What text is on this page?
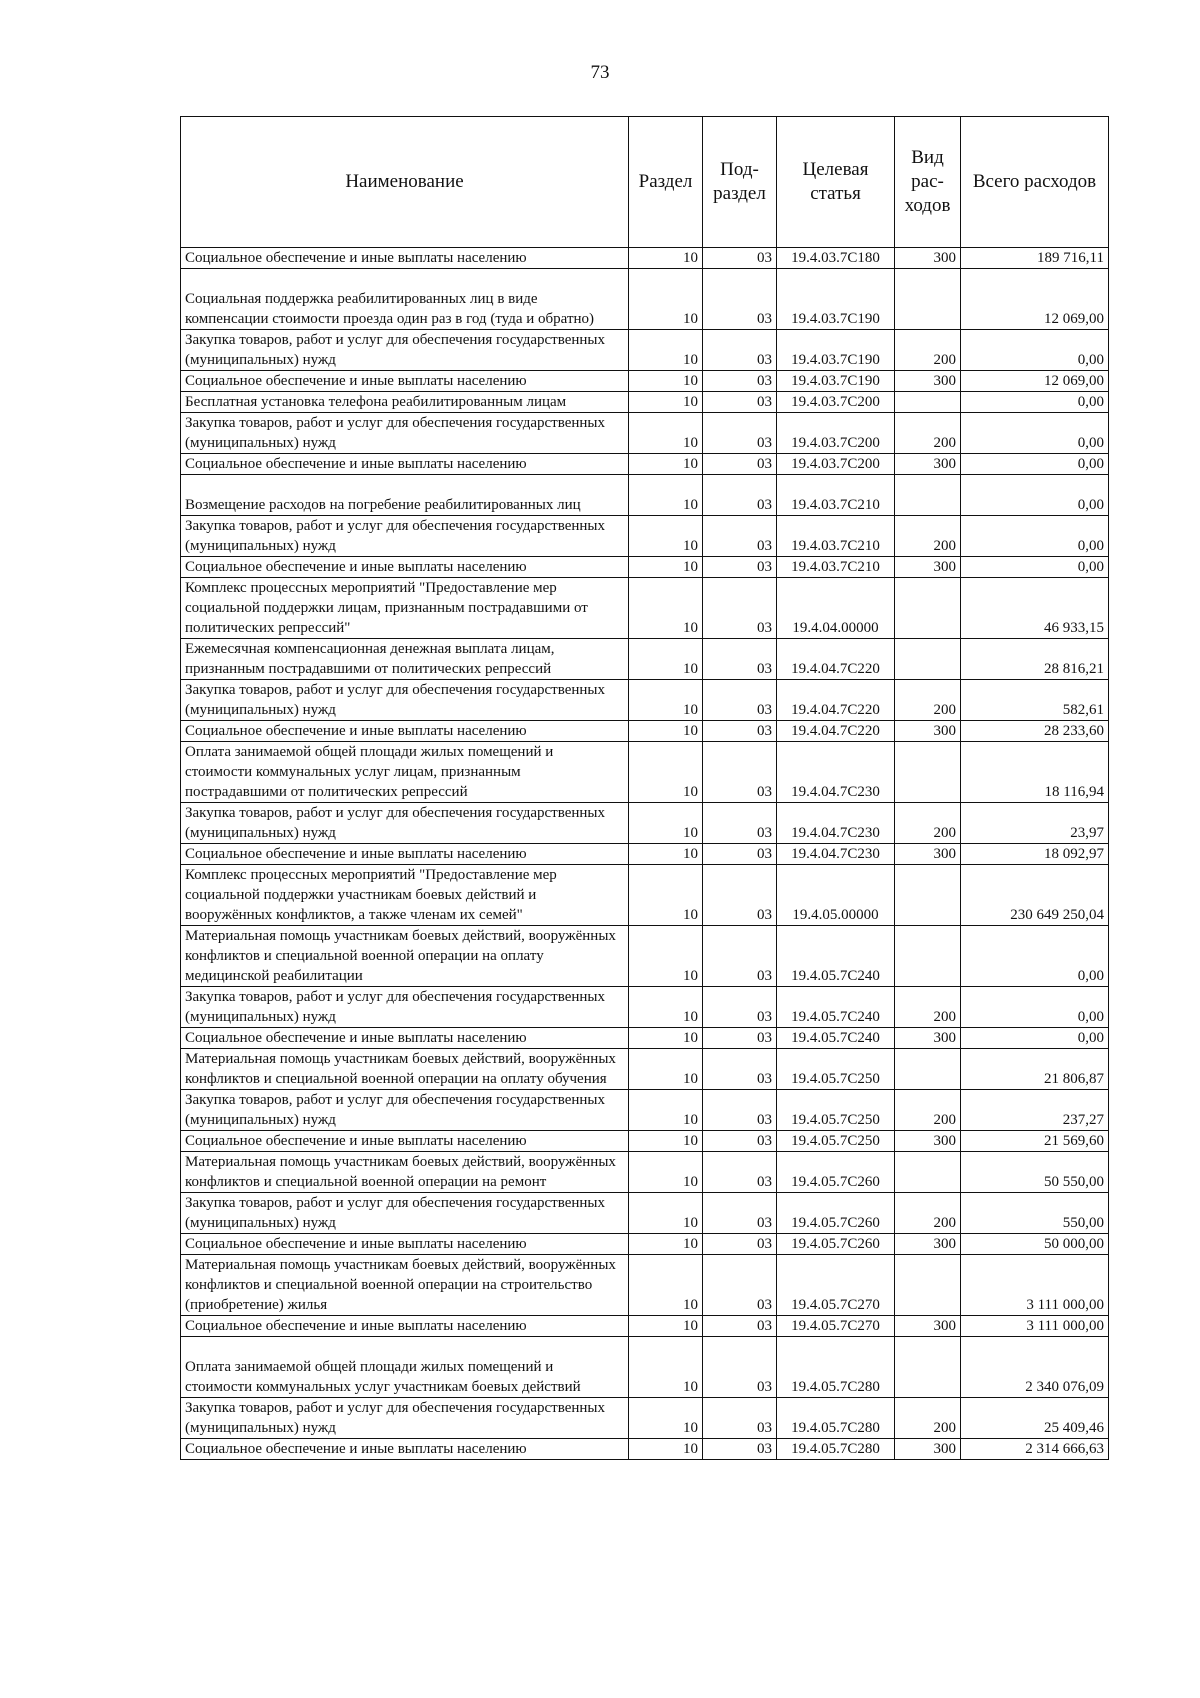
73
Наименование	Раздел	Под-раздел	Целевая статья	Вид рас-ходов	Всего расходов
Социальное обеспечение и иные выплаты населению	10	03	19.4.03.7С180	300	189 716,11
Социальная поддержка реабилитированных лиц в виде компенсации стоимости проезда один раз в год (туда и обратно)	10	03	19.4.03.7С190		12 069,00
Закупка товаров, работ и услуг для обеспечения государственных (муниципальных) нужд	10	03	19.4.03.7С190	200	0,00
Социальное обеспечение и иные выплаты населению	10	03	19.4.03.7С190	300	12 069,00
Бесплатная установка телефона реабилитированным лицам	10	03	19.4.03.7С200		0,00
Закупка товаров, работ и услуг для обеспечения государственных (муниципальных) нужд	10	03	19.4.03.7С200	200	0,00
Социальное обеспечение и иные выплаты населению	10	03	19.4.03.7С200	300	0,00
Возмещение расходов на погребение реабилитированных лиц	10	03	19.4.03.7С210		0,00
Закупка товаров, работ и услуг для обеспечения государственных (муниципальных) нужд	10	03	19.4.03.7С210	200	0,00
Социальное обеспечение и иные выплаты населению	10	03	19.4.03.7С210	300	0,00
Комплекс процессных мероприятий "Предоставление мер социальной поддержки лицам, признанным пострадавшими от политических репрессий"	10	03	19.4.04.00000		46 933,15
Ежемесячная компенсационная денежная выплата лицам, признанным пострадавшими от политических репрессий	10	03	19.4.04.7С220		28 816,21
Закупка товаров, работ и услуг для обеспечения государственных (муниципальных) нужд	10	03	19.4.04.7С220	200	582,61
Социальное обеспечение и иные выплаты населению	10	03	19.4.04.7С220	300	28 233,60
Оплата занимаемой общей площади жилых помещений и стоимости коммунальных услуг лицам, признанным пострадавшими от политических репрессий	10	03	19.4.04.7С230		18 116,94
Закупка товаров, работ и услуг для обеспечения государственных (муниципальных) нужд	10	03	19.4.04.7С230	200	23,97
Социальное обеспечение и иные выплаты населению	10	03	19.4.04.7С230	300	18 092,97
Комплекс процессных мероприятий "Предоставление мер социальной поддержки участникам боевых действий и вооружённых конфликтов, а также членам их семей"	10	03	19.4.05.00000		230 649 250,04
Материальная помощь участникам боевых действий, вооружённых конфликтов и специальной военной операции на оплату медицинской реабилитации	10	03	19.4.05.7С240		0,00
Закупка товаров, работ и услуг для обеспечения государственных (муниципальных) нужд	10	03	19.4.05.7С240	200	0,00
Социальное обеспечение и иные выплаты населению	10	03	19.4.05.7С240	300	0,00
Материальная помощь участникам боевых действий, вооружённых конфликтов и специальной военной операции на оплату обучения	10	03	19.4.05.7С250		21 806,87
Закупка товаров, работ и услуг для обеспечения государственных (муниципальных) нужд	10	03	19.4.05.7С250	200	237,27
Социальное обеспечение и иные выплаты населению	10	03	19.4.05.7С250	300	21 569,60
Материальная помощь участникам боевых действий, вооружённых конфликтов и специальной военной операции на ремонт	10	03	19.4.05.7С260		50 550,00
Закупка товаров, работ и услуг для обеспечения государственных (муниципальных) нужд	10	03	19.4.05.7С260	200	550,00
Социальное обеспечение и иные выплаты населению	10	03	19.4.05.7С260	300	50 000,00
Материальная помощь участникам боевых действий, вооружённых конфликтов и специальной военной операции на строительство (приобретение) жилья	10	03	19.4.05.7С270		3 111 000,00
Социальное обеспечение и иные выплаты населению	10	03	19.4.05.7С270	300	3 111 000,00
Оплата занимаемой общей площади жилых помещений и стоимости коммунальных услуг участникам боевых действий	10	03	19.4.05.7С280		2 340 076,09
Закупка товаров, работ и услуг для обеспечения государственных (муниципальных) нужд	10	03	19.4.05.7С280	200	25 409,46
Социальное обеспечение и иные выплаты населению	10	03	19.4.05.7С280	300	2 314 666,63
